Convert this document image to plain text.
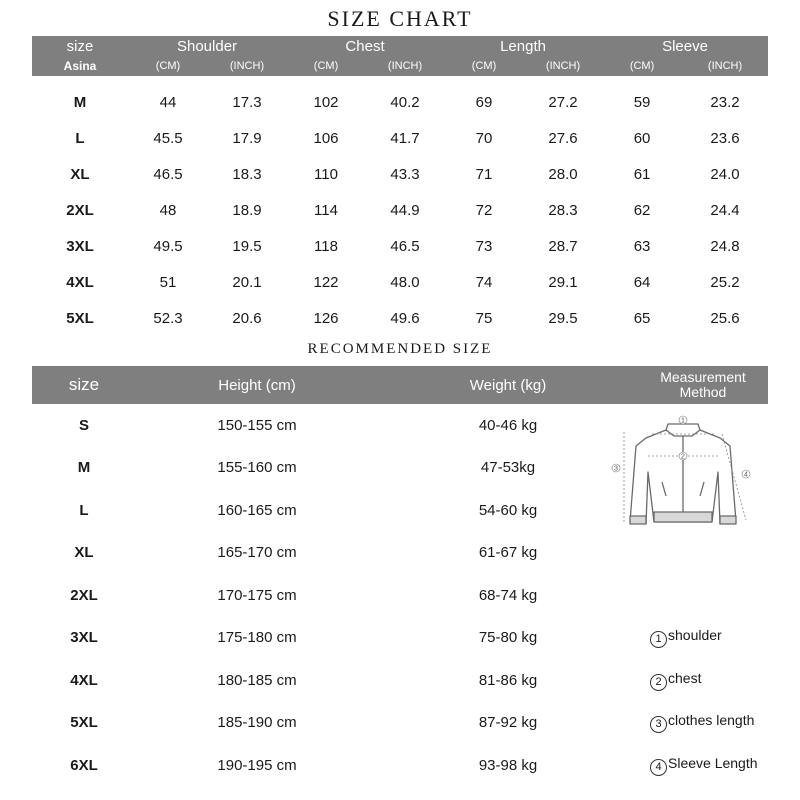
SIZE CHART
size	Shoulder		Chest		Length		Sleeve	
Asina	(CM)	(INCH)	(CM)	(INCH)	(CM)	(INCH)	(CM)	(INCH)
M	44	17.3	102	40.2	69	27.2	59	23.2
L	45.5	17.9	106	41.7	70	27.6	60	23.6
XL	46.5	18.3	110	43.3	71	28.0	61	24.0
2XL	48	18.9	114	44.9	72	28.3	62	24.4
3XL	49.5	19.5	118	46.5	73	28.7	63	24.8
4XL	51	20.1	122	48.0	74	29.1	64	25.2
5XL	52.3	20.6	126	49.6	75	29.5	65	25.6
RECOMMENDED SIZE
size	Height (cm)	Weight (kg)	Measurement
Method
S	150-155 cm	40-46 kg	
M	155-160 cm	47-53kg	
L	160-165 cm	54-60 kg	
XL	165-170 cm	61-67 kg	
2XL	170-175 cm	68-74 kg	
3XL	175-180 cm	75-80 kg	1 shoulder
4XL	180-185 cm	81-86 kg	2 chest
5XL	185-190 cm	87-92 kg	3 clothes length
6XL	190-195 cm	93-98 kg	4 Sleeve Length
1
2
3
4
